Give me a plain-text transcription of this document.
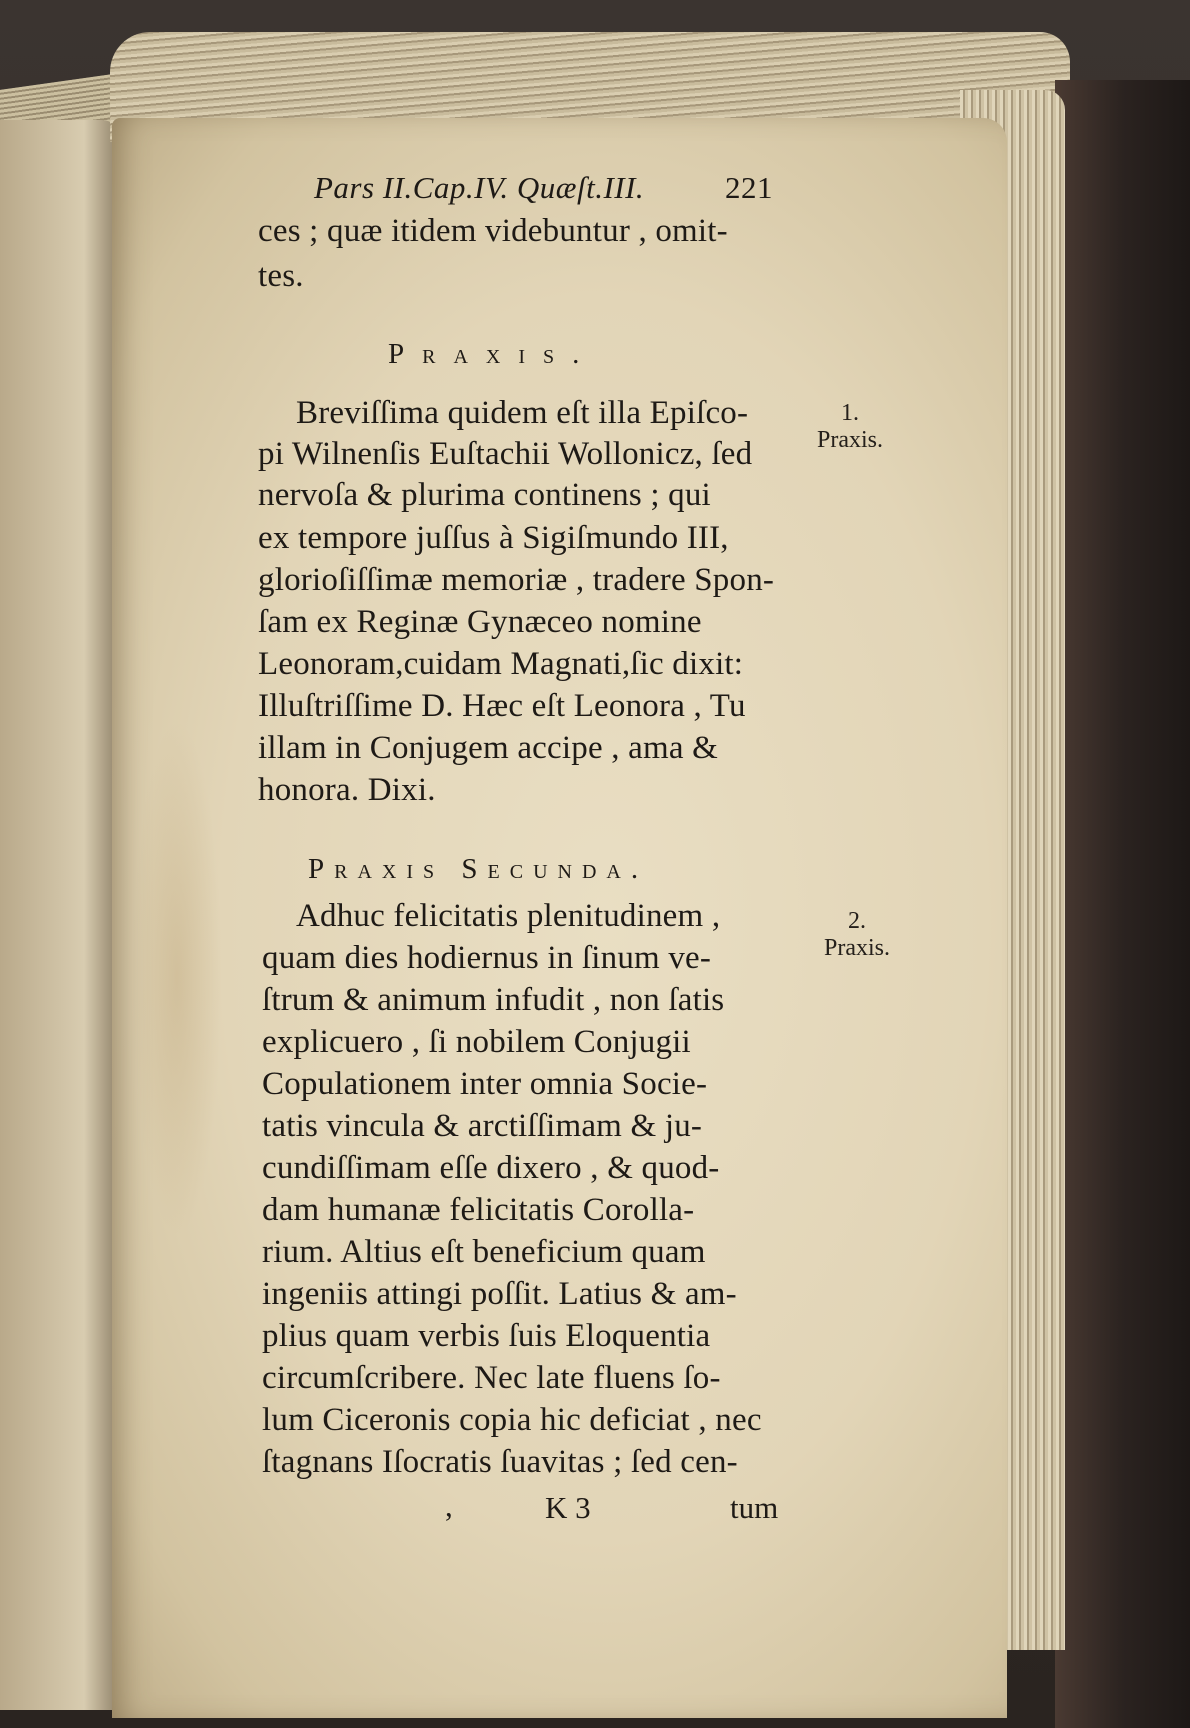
Pars II.Cap.IV. Quæſt.III.	221
ces ; quæ itidem videbuntur , omit-
tes.
Praxis.
Breviſſima quidem eſt illa Epiſco-
pi Wilnenſis Euſtachii Wollonicz, ſed
nervoſa & plurima continens ; qui
ex tempore juſſus à Sigiſmundo III,
glorioſiſſimæ memoriæ , tradere Spon-
ſam ex Reginæ Gynæceo nomine
Leonoram,cuidam Magnati,ſic dixit:
Illuſtriſſime D. Hæc eſt Leonora , Tu
illam in Conjugem accipe , ama &
honora. Dixi.
Praxis Secunda.
Adhuc felicitatis plenitudinem ,
quam dies hodiernus in ſinum ve-
ſtrum & animum infudit , non ſatis
explicuero , ſi nobilem Conjugii
Copulationem inter omnia Socie-
tatis vincula & arctiſſimam & ju-
cundiſſimam eſſe dixero , & quod-
dam humanæ felicitatis Corolla-
rium. Altius eſt beneficium quam
ingeniis attingi poſſit. Latius & am-
plius quam verbis ſuis Eloquentia
circumſcribere. Nec late fluens ſo-
lum Ciceronis copia hic deficiat , nec
ſtagnans Iſocratis ſuavitas ; ſed cen-
1.
Praxis.
2.
Praxis.
,	K 3	tum
